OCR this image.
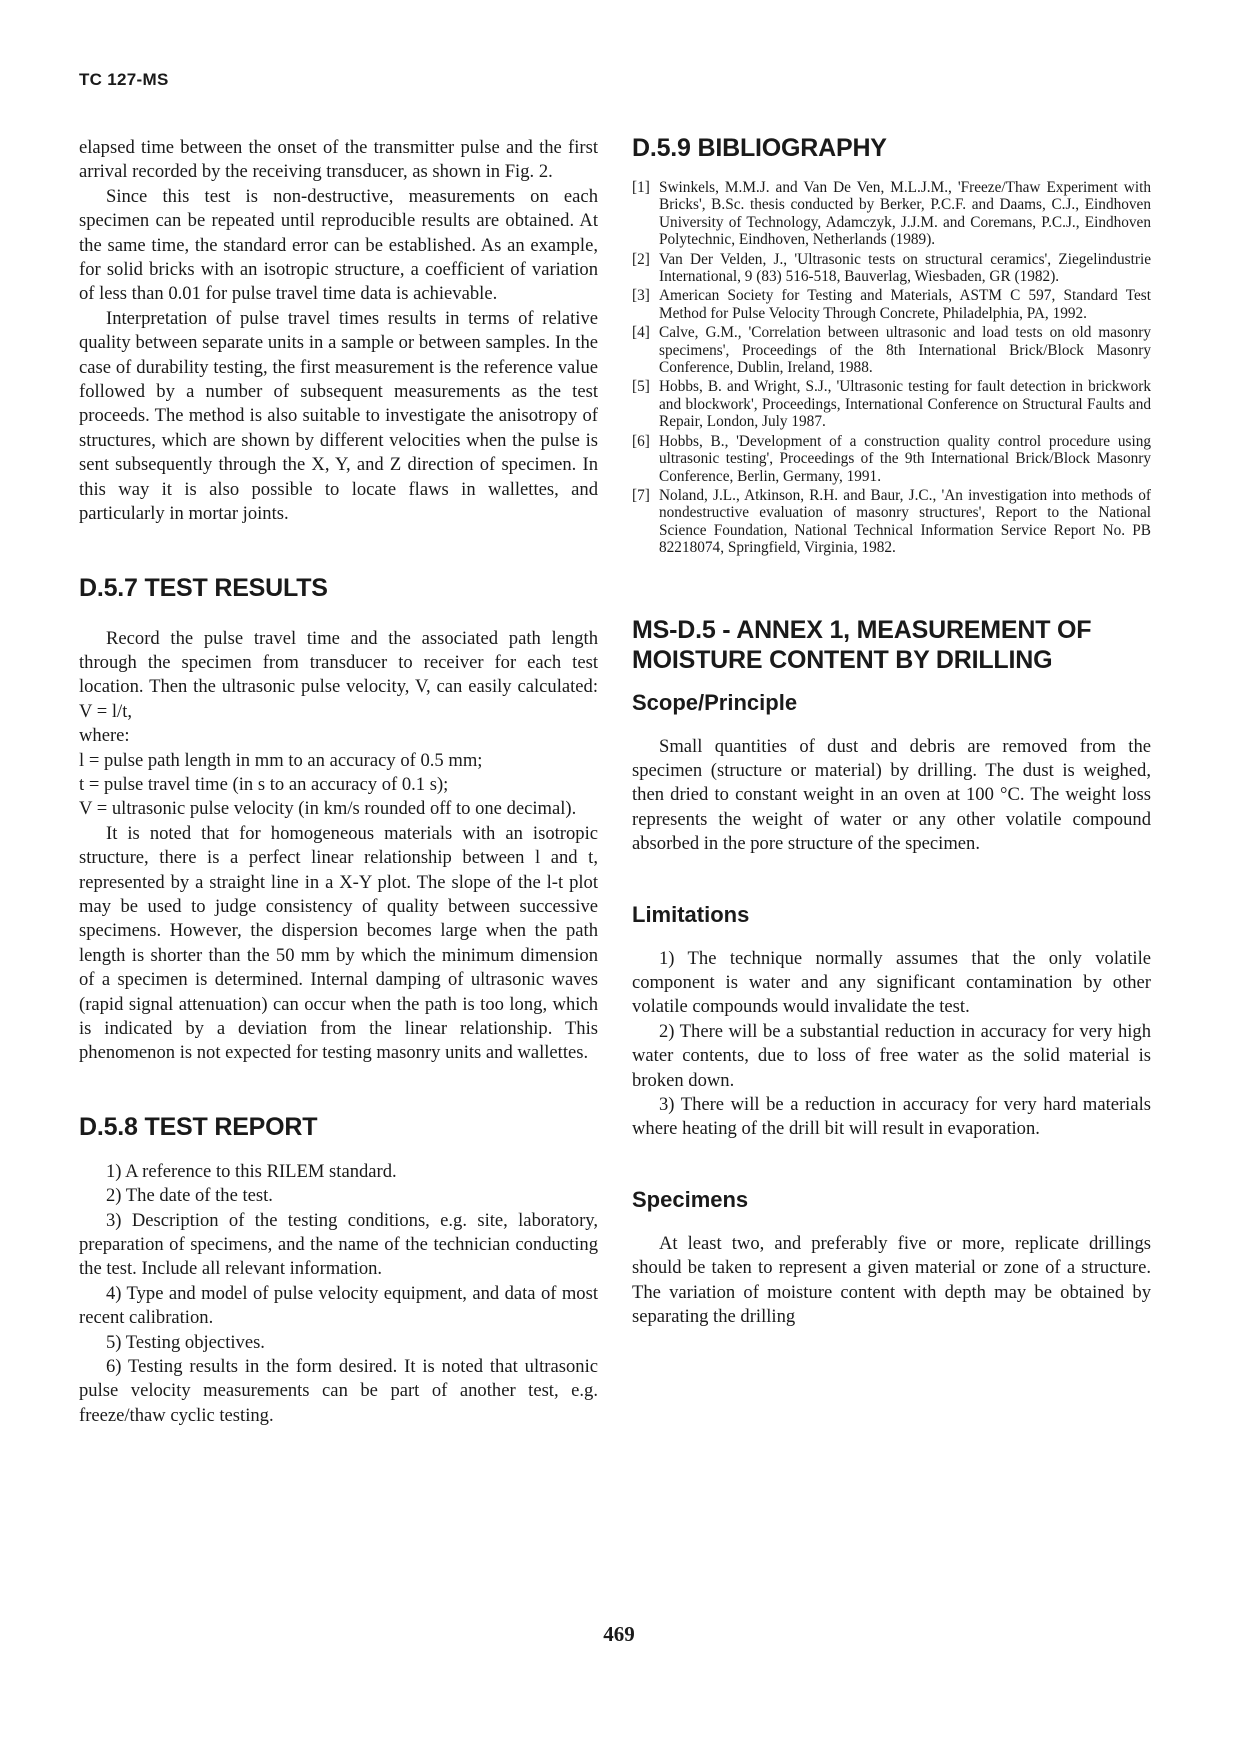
TC 127-MS

elapsed time between the onset of the transmitter pulse and the first arrival recorded by the receiving transducer, as shown in Fig. 2.

Since this test is non-destructive, measurements on each specimen can be repeated until reproducible results are obtained. At the same time, the standard error can be established. As an example, for solid bricks with an isotropic structure, a coefficient of variation of less than 0.01 for pulse travel time data is achievable.

Interpretation of pulse travel times results in terms of relative quality between separate units in a sample or between samples. In the case of durability testing, the first measurement is the reference value followed by a number of subsequent measurements as the test proceeds. The method is also suitable to investigate the anisotropy of structures, which are shown by different velocities when the pulse is sent subsequently through the X, Y, and Z direction of specimen. In this way it is also possible to locate flaws in wallettes, and particularly in mortar joints.

D.5.7 TEST RESULTS

Record the pulse travel time and the associated path length through the specimen from transducer to receiver for each test location. Then the ultrasonic pulse velocity, V, can easily calculated: V = l/t,

where:
l = pulse path length in mm to an accuracy of 0.5 mm;
t = pulse travel time (in s to an accuracy of 0.1 s);
V = ultrasonic pulse velocity (in km/s rounded off to one decimal).

It is noted that for homogeneous materials with an isotropic structure, there is a perfect linear relationship between l and t, represented by a straight line in a X-Y plot. The slope of the l-t plot may be used to judge consistency of quality between successive specimens. However, the dispersion becomes large when the path length is shorter than the 50 mm by which the minimum dimension of a specimen is determined. Internal damping of ultrasonic waves (rapid signal attenuation) can occur when the path is too long, which is indicated by a deviation from the linear relationship. This phenomenon is not expected for testing masonry units and wallettes.

D.5.8 TEST REPORT

1) A reference to this RILEM standard.

2) The date of the test.

3) Description of the testing conditions, e.g. site, laboratory, preparation of specimens, and the name of the technician conducting the test. Include all relevant information.

4) Type and model of pulse velocity equipment, and data of most recent calibration.

5) Testing objectives.

6) Testing results in the form desired. It is noted that ultrasonic pulse velocity measurements can be part of another test, e.g. freeze/thaw cyclic testing.

D.5.9 BIBLIOGRAPHY
[1] Swinkels, M.M.J. and Van De Ven, M.L.J.M., 'Freeze/Thaw Experiment with Bricks', B.Sc. thesis conducted by Berker, P.C.F. and Daams, C.J., Eindhoven University of Technology, Adamczyk, J.J.M. and Coremans, P.C.J., Eindhoven Polytechnic, Eindhoven, Netherlands (1989).
[2] Van Der Velden, J., 'Ultrasonic tests on structural ceramics', Ziegelindustrie International, 9 (83) 516-518, Bauverlag, Wiesbaden, GR (1982).
[3] American Society for Testing and Materials, ASTM C 597, Standard Test Method for Pulse Velocity Through Concrete, Philadelphia, PA, 1992.
[4] Calve, G.M., 'Correlation between ultrasonic and load tests on old masonry specimens', Proceedings of the 8th International Brick/Block Masonry Conference, Dublin, Ireland, 1988.
[5] Hobbs, B. and Wright, S.J., 'Ultrasonic testing for fault detection in brickwork and blockwork', Proceedings, International Conference on Structural Faults and Repair, London, July 1987.
[6] Hobbs, B., 'Development of a construction quality control procedure using ultrasonic testing', Proceedings of the 9th International Brick/Block Masonry Conference, Berlin, Germany, 1991.
[7] Noland, J.L., Atkinson, R.H. and Baur, J.C., 'An investigation into methods of nondestructive evaluation of masonry structures', Report to the National Science Foundation, National Technical Information Service Report No. PB 82218074, Springfield, Virginia, 1982.
MS-D.5 - ANNEX 1, MEASUREMENT OF MOISTURE CONTENT BY DRILLING
Scope/Principle

Small quantities of dust and debris are removed from the specimen (structure or material) by drilling. The dust is weighed, then dried to constant weight in an oven at 100 °C. The weight loss represents the weight of water or any other volatile compound absorbed in the pore structure of the specimen.

Limitations

1) The technique normally assumes that the only volatile component is water and any significant contamination by other volatile compounds would invalidate the test.

2) There will be a substantial reduction in accuracy for very high water contents, due to loss of free water as the solid material is broken down.

3) There will be a reduction in accuracy for very hard materials where heating of the drill bit will result in evaporation.

Specimens

At least two, and preferably five or more, replicate drillings should be taken to represent a given material or zone of a structure. The variation of moisture content with depth may be obtained by separating the drilling

469
